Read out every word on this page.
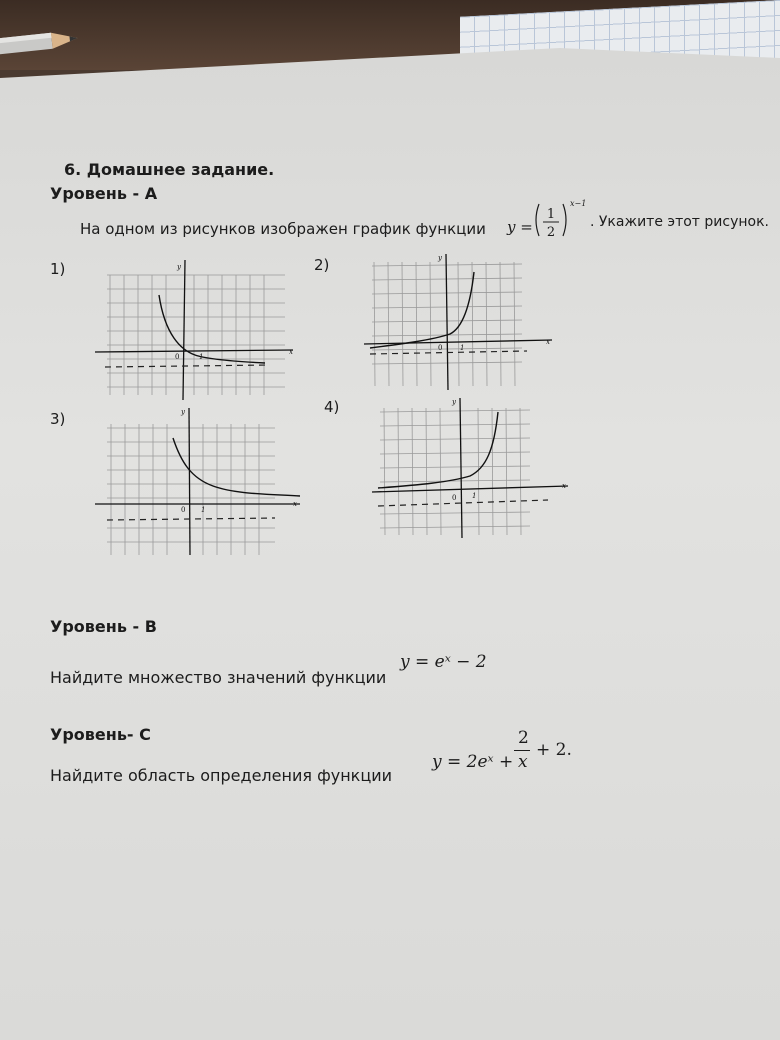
6. Домашнее задание.
Уровень - А
На одном из рисунков изображен график функции y =
1
2
x−1
. Укажите этот рисунок.
1)	2)
3)
4)
x
y
0	1
x
y
0	1
x
y
0 1
x
y
0 1
Уровень - В
Найдите множество значений функции
y = eˣ − 2
Уровень- С
Найдите область определения функции
y = 2eˣ +
2
x
+ 2.
